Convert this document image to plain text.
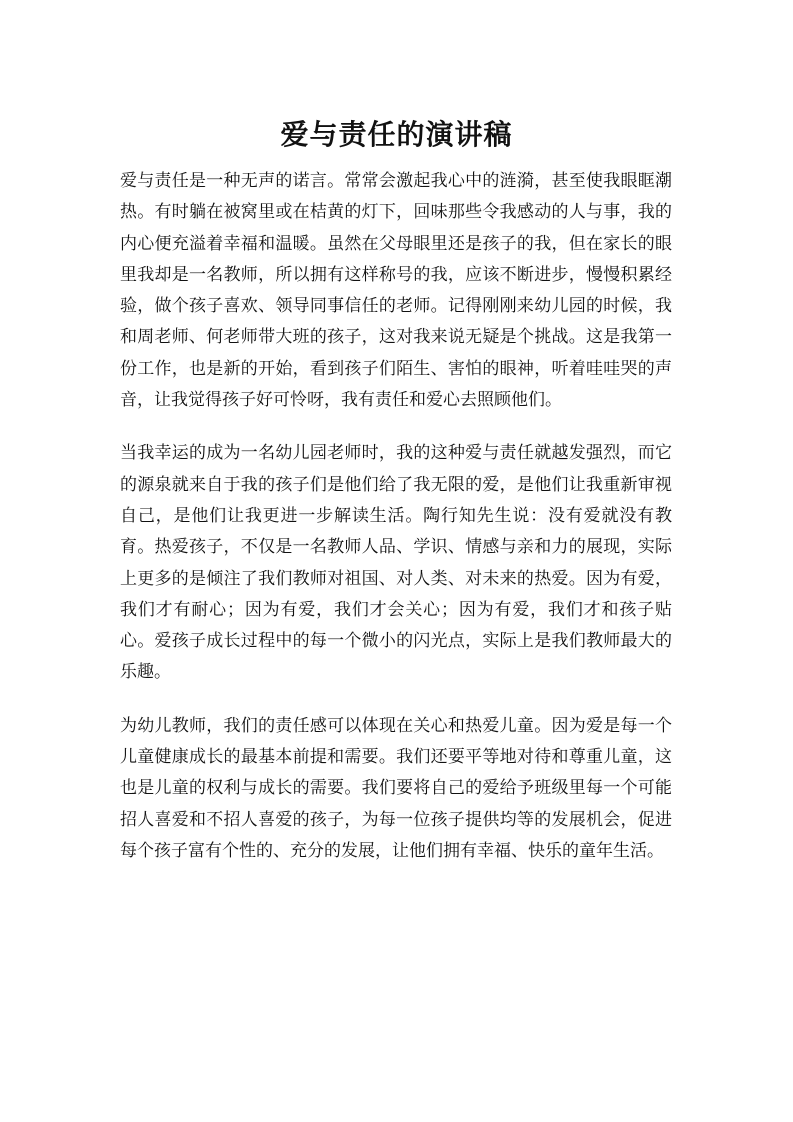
爱与责任的演讲稿

爱与责任是一种无声的诺言。常常会激起我心中的涟漪，甚至使我眼眶潮热。有时躺在被窝里或在桔黄的灯下，回味那些令我感动的人与事，我的内心便充溢着幸福和温暖。虽然在父母眼里还是孩子的我，但在家长的眼里我却是一名教师，所以拥有这样称号的我，应该不断进步，慢慢积累经验，做个孩子喜欢、领导同事信任的老师。记得刚刚来幼儿园的时候，我和周老师、何老师带大班的孩子，这对我来说无疑是个挑战。这是我第一份工作，也是新的开始，看到孩子们陌生、害怕的眼神，听着哇哇哭的声音，让我觉得孩子好可怜呀，我有责任和爱心去照顾他们。

当我幸运的成为一名幼儿园老师时，我的这种爱与责任就越发强烈，而它的源泉就来自于我的孩子们是他们给了我无限的爱，是他们让我重新审视自己，是他们让我更进一步解读生活。陶行知先生说：没有爱就没有教育。热爱孩子，不仅是一名教师人品、学识、情感与亲和力的展现，实际上更多的是倾注了我们教师对祖国、对人类、对未来的热爱。因为有爱，我们才有耐心；因为有爱，我们才会关心；因为有爱，我们才和孩子贴心。爱孩子成长过程中的每一个微小的闪光点，实际上是我们教师最大的乐趣。

为幼儿教师，我们的责任感可以体现在关心和热爱儿童。因为爱是每一个儿童健康成长的最基本前提和需要。我们还要平等地对待和尊重儿童，这也是儿童的权利与成长的需要。我们要将自己的爱给予班级里每一个可能招人喜爱和不招人喜爱的孩子，为每一位孩子提供均等的发展机会，促进每个孩子富有个性的、充分的发展，让他们拥有幸福、快乐的童年生活。
